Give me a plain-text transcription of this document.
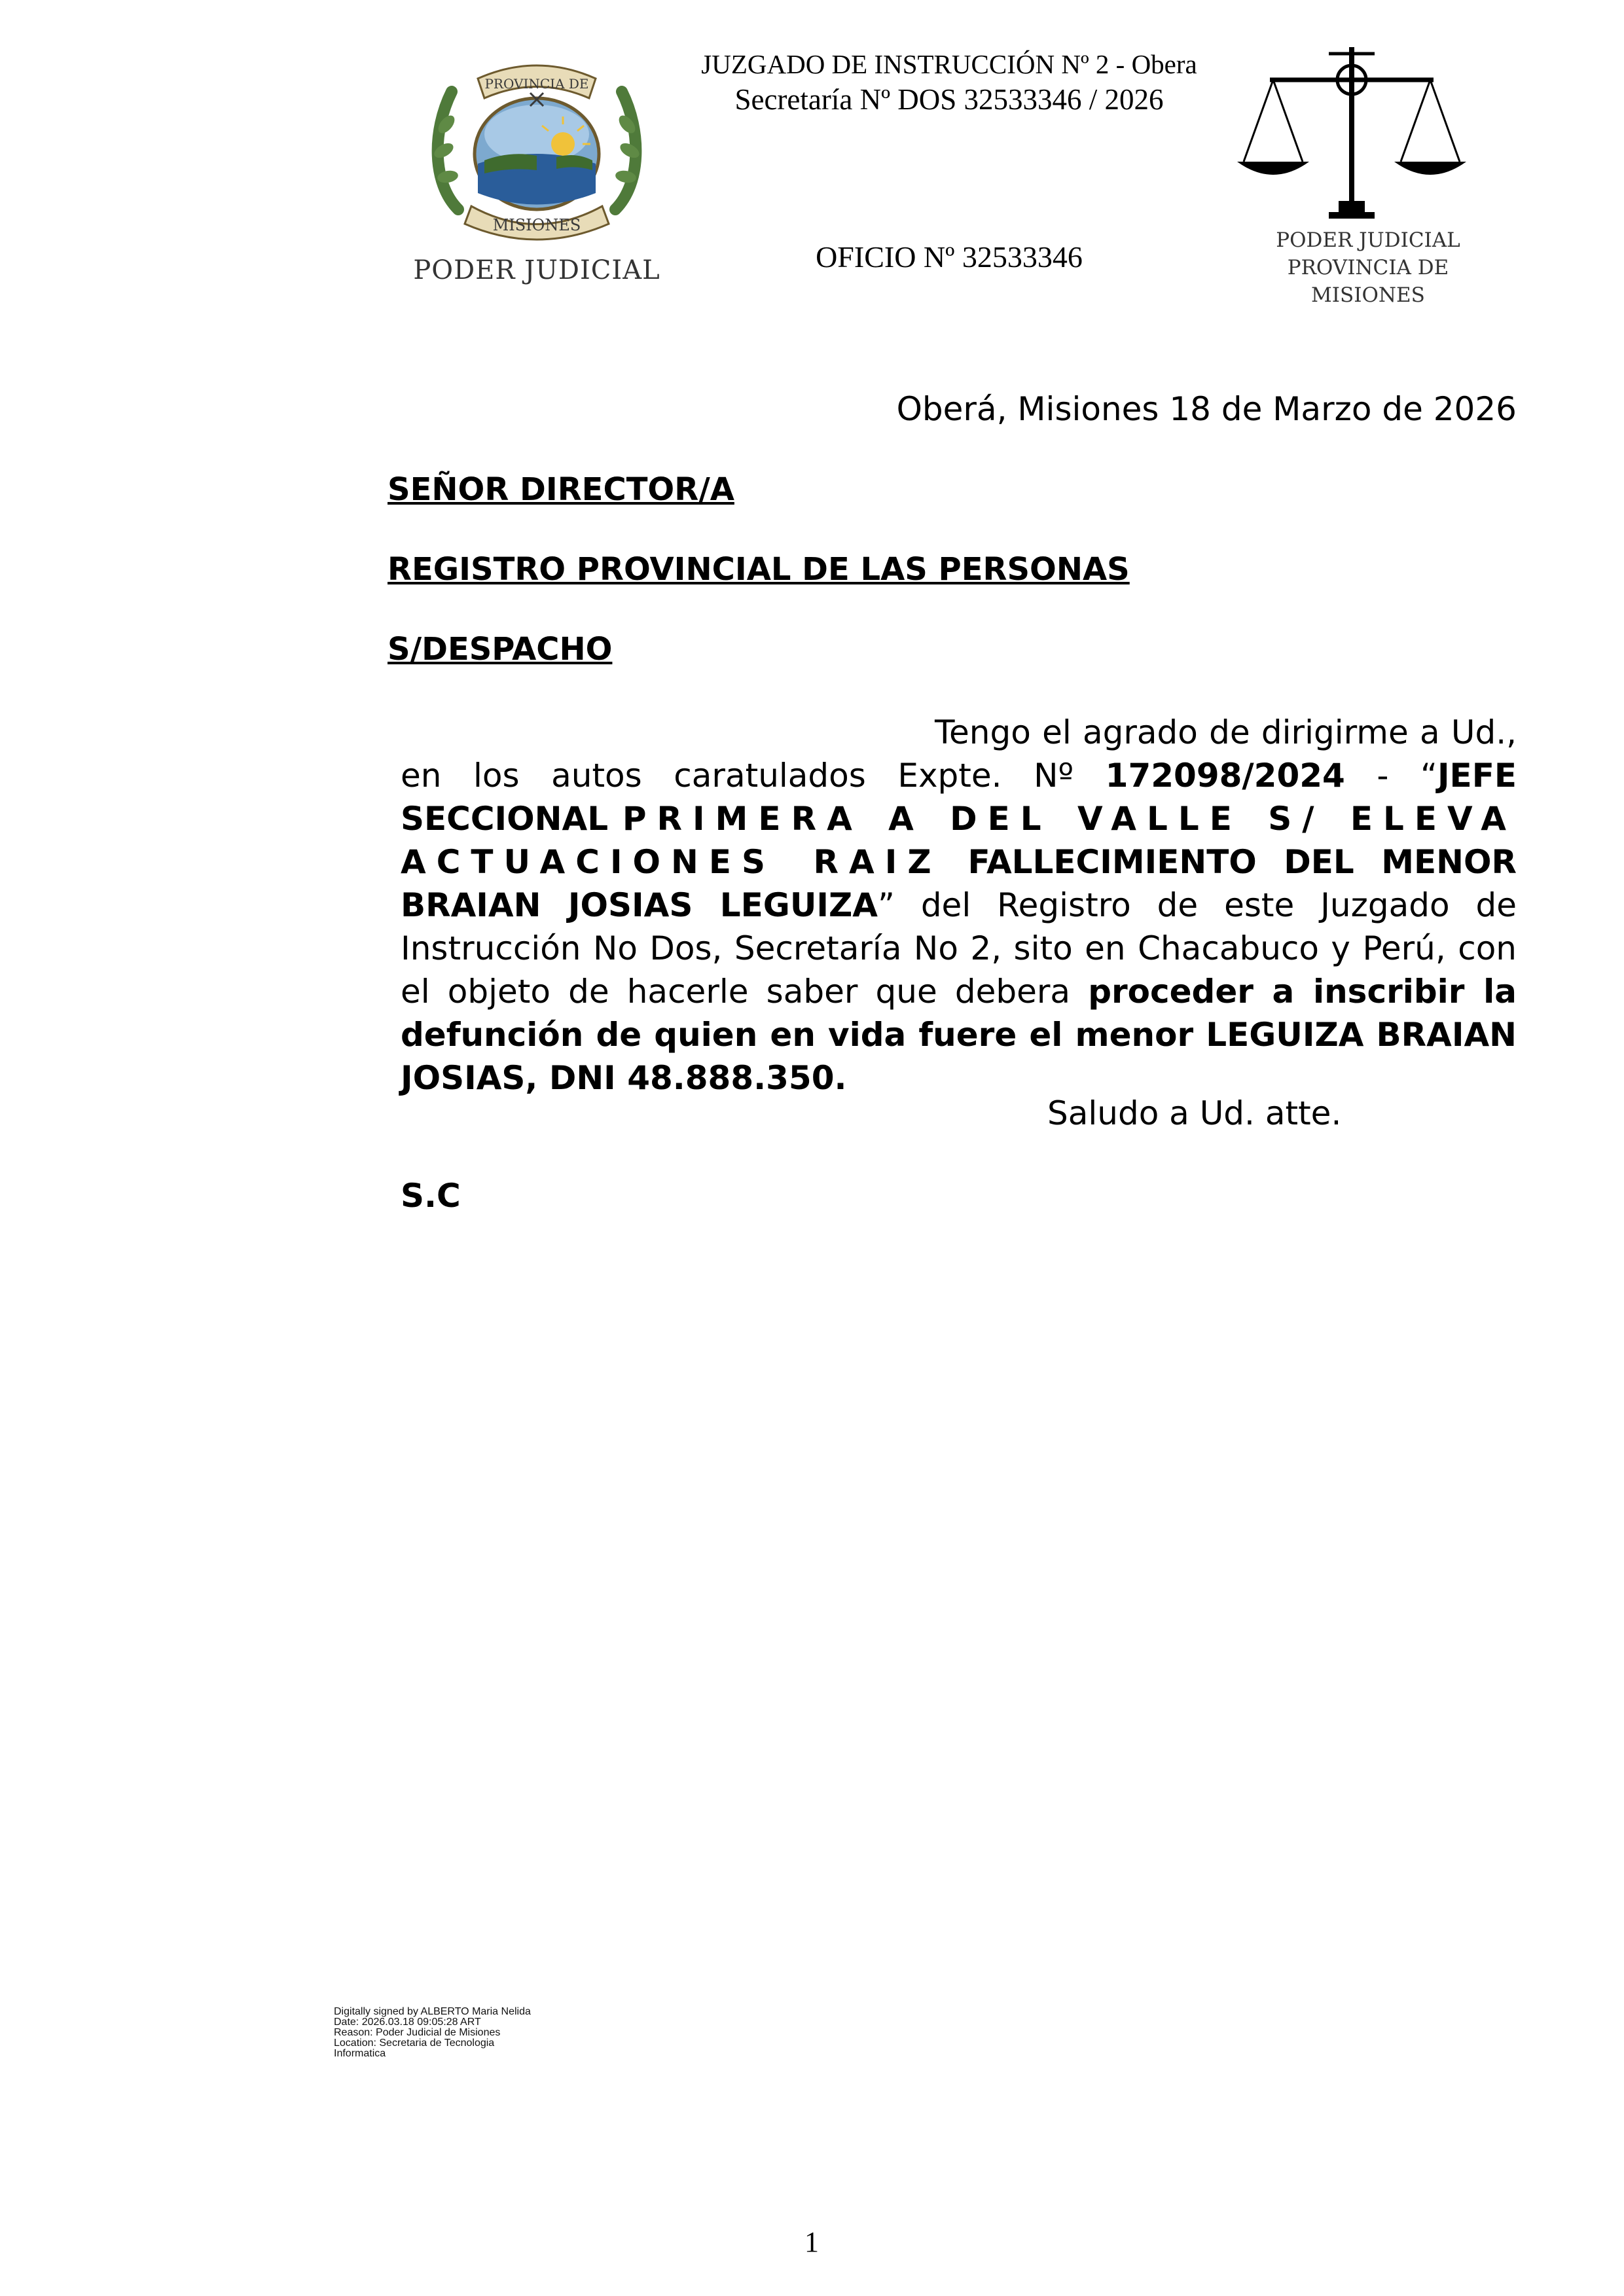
JUZGADO DE INSTRUCCIÓN Nº 2 - Obera
Secretaría Nº DOS 32533346 / 2026
OFICIO Nº 32533346
PROVINCIA DE
MISIONES
PODER JUDICIAL
PODER JUDICIAL
PROVINCIA DE MISIONES
Oberá, Misiones 18 de Marzo de 2026
SEÑOR DIRECTOR/A
REGISTRO PROVINCIAL DE LAS PERSONAS
S/DESPACHO
Tengo el agrado de dirigirme a Ud., en los autos caratulados Expte. Nº 172098/2024 - “JEFE SECCIONAL PRIMERA A DEL VALLE S/ ELEVA ACTUACIONES RAIZ FALLECIMIENTO DEL MENOR BRAIAN JOSIAS LEGUIZA” del Registro de este Juzgado de Instrucción No Dos, Secretaría No 2, sito en Chacabuco y Perú, con el objeto de hacerle saber que debera proceder a inscribir la defunción de quien en vida fuere el menor LEGUIZA BRAIAN JOSIAS, DNI 48.888.350.
Saludo a Ud. atte.
S.C
Digitally signed by ALBERTO Maria Nelida
Date: 2026.03.18 09:05:28 ART
Reason: Poder Judicial de Misiones
Location: Secretaria de Tecnologia
Informatica
1
